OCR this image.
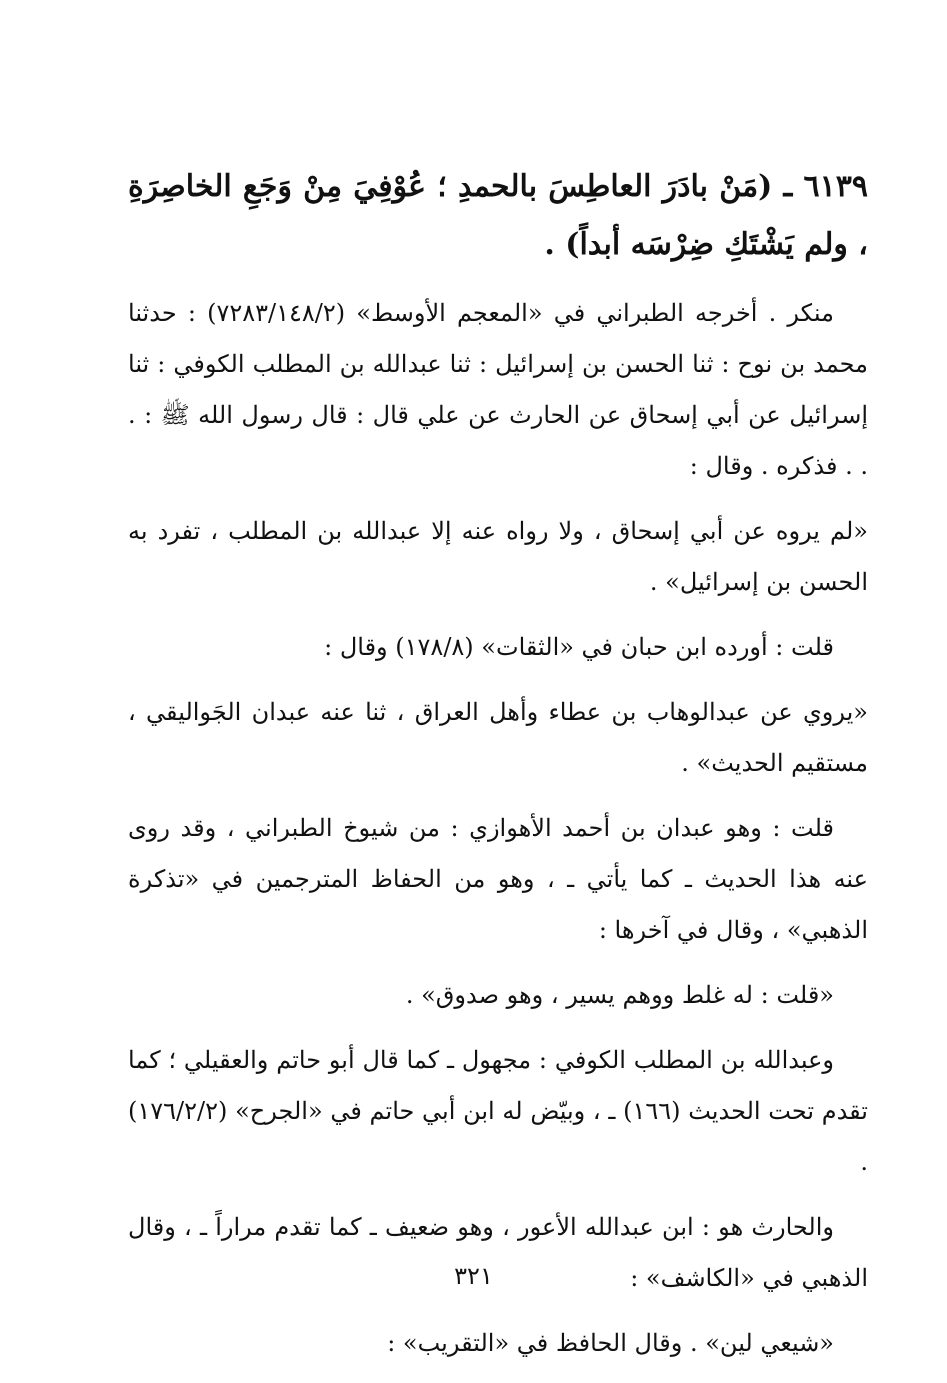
٦١٣٩ ـ (مَنْ بادَرَ العاطِسَ بالحمدِ ؛ عُوْفِيَ مِنْ وَجَعِ الخاصِرَةِ ، ولم يَشْتَكِ ضِرْسَه أبداً) .

منكر . أخرجه الطبراني في «المعجم الأوسط» (٧٢٨٣/١٤٨/٢) : حدثنا محمد بن نوح : ثنا الحسن بن إسرائيل : ثنا عبدالله بن المطلب الكوفي : ثنا إسرائيل عن أبي إسحاق عن الحارث عن علي قال : قال رسول الله ﷺ : . . . فذكره . وقال :

«لم يروه عن أبي إسحاق ، ولا رواه عنه إلا عبدالله بن المطلب ، تفرد به الحسن بن إسرائيل» .

قلت : أورده ابن حبان في «الثقات» (١٧٨/٨) وقال :

«يروي عن عبدالوهاب بن عطاء وأهل العراق ، ثنا عنه عبدان الجَواليقي ، مستقيم الحديث» .

قلت : وهو عبدان بن أحمد الأهوازي : من شيوخ الطبراني ، وقد روى عنه هذا الحديث ـ كما يأتي ـ ، وهو من الحفاظ المترجمين في «تذكرة الذهبي» ، وقال في آخرها :

«قلت : له غلط ووهم يسير ، وهو صدوق» .

وعبدالله بن المطلب الكوفي : مجهول ـ كما قال أبو حاتم والعقيلي ؛ كما تقدم تحت الحديث (١٦٦) ـ ، وبيّض له ابن أبي حاتم في «الجرح» (١٧٦/٢/٢) .

والحارث هو : ابن عبدالله الأعور ، وهو ضعيف ـ كما تقدم مراراً ـ ، وقال الذهبي في «الكاشف» :

«شيعي لين» . وقال الحافظ في «التقريب» :

٣٢١
